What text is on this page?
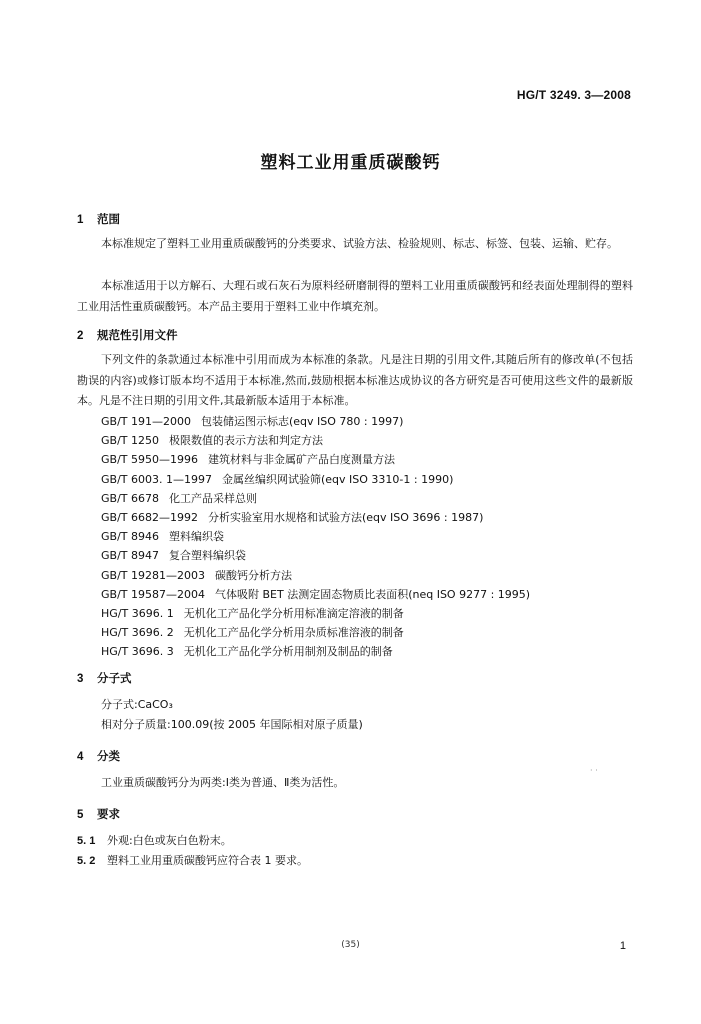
HG/T 3249. 3—2008
塑料工业用重质碳酸钙
1 范围
本标准规定了塑料工业用重质碳酸钙的分类要求、试验方法、检验规则、标志、标签、包装、运输、贮存。
本标准适用于以方解石、大理石或石灰石为原料经研磨制得的塑料工业用重质碳酸钙和经表面处理制得的塑料工业用活性重质碳酸钙。本产品主要用于塑料工业中作填充剂。
2 规范性引用文件
下列文件的条款通过本标准中引用而成为本标准的条款。凡是注日期的引用文件,其随后所有的修改单(不包括勘误的内容)或修订版本均不适用于本标准,然而,鼓励根据本标准达成协议的各方研究是否可使用这些文件的最新版本。凡是不注日期的引用文件,其最新版本适用于本标准。
GB/T 191—2000 包装储运图示标志(eqv ISO 780 : 1997)
GB/T 1250 极限数值的表示方法和判定方法
GB/T 5950—1996 建筑材料与非金属矿产品白度测量方法
GB/T 6003. 1—1997 金属丝编织网试验筛(eqv ISO 3310-1 : 1990)
GB/T 6678 化工产品采样总则
GB/T 6682—1992 分析实验室用水规格和试验方法(eqv ISO 3696 : 1987)
GB/T 8946 塑料编织袋
GB/T 8947 复合塑料编织袋
GB/T 19281—2003 碳酸钙分析方法
GB/T 19587—2004 气体吸附 BET 法测定固态物质比表面积(neq ISO 9277 : 1995)
HG/T 3696. 1 无机化工产品化学分析用标准滴定溶液的制备
HG/T 3696. 2 无机化工产品化学分析用杂质标准溶液的制备
HG/T 3696. 3 无机化工产品化学分析用制剂及制品的制备
3 分子式
分子式:CaCO₃
相对分子质量:100.09(按 2005 年国际相对原子质量)
4 分类
工业重质碳酸钙分为两类:Ⅰ类为普通、Ⅱ类为活性。
· ·
5 要求
5. 1 外观:白色或灰白色粉末。
5. 2 塑料工业用重质碳酸钙应符合表 1 要求。
(35)	1
